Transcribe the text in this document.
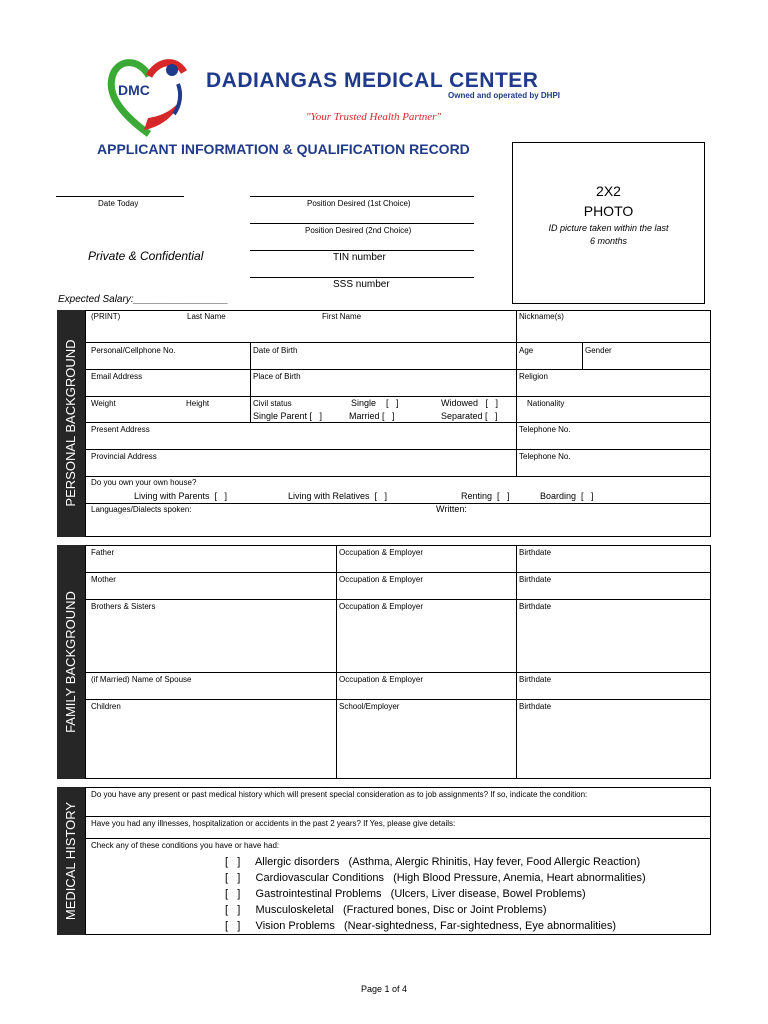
DMC	DADIANGAS MEDICAL CENTER
Owned and operated by DHPI
"Your Trusted Health Partner"
APPLICANT INFORMATION & QUALIFICATION RECORD
Date Today	Position Desired (1st Choice)
Position Desired (2nd Choice)
Private & Confidential	TIN number
SSS number
Expected Salary:_________________
2X2
PHOTO
ID picture taken within the last
6 months
PERSONAL BACKGROUND
(PRINT)	Last Name	First Name	Nickname(s)
Personal/Cellphone No.	Date of Birth	Age	Gender
Email Address	Place of Birth	Religion
Weight	Height	Civil status	Single    [   ]	Widowed   [   ]	Nationality
Single Parent [   ]	Married [   ]	Separated [   ]
Present Address	Telephone No.
Provincial Address	Telephone No.
Do you own your own house?
Living with Parents  [   ]	Living with Relatives  [   ]	Renting  [   ]	Boarding  [   ]
Languages/Dialects spoken:	Written:
FAMILY BACKGROUND
Father	Occupation & Employer	Birthdate
Mother	Occupation & Employer	Birthdate
Brothers & Sisters	Occupation & Employer	Birthdate
(if Married) Name of Spouse	Occupation & Employer	Birthdate
Children	School/Employer	Birthdate
MEDICAL HISTORY
Do you have any present or past medical history which will present special consideration as to job assignments? If so, indicate the condition:
Have you had any illnesses, hospitalization or accidents in the past 2 years? If Yes, please give details:
Check any of these conditions you have or have had:
[   ]     Allergic disorders   (Asthma, Alergic Rhinitis, Hay fever, Food Allergic Reaction)
[   ]     Cardiovascular Conditions   (High Blood Pressure, Anemia, Heart abnormalities)
[   ]     Gastrointestinal Problems   (Ulcers, Liver disease, Bowel Problems)
[   ]     Musculoskeletal   (Fractured bones, Disc or Joint Problems)
[   ]     Vision Problems   (Near-sightedness, Far-sightedness, Eye abnormalities)
Page 1 of 4
